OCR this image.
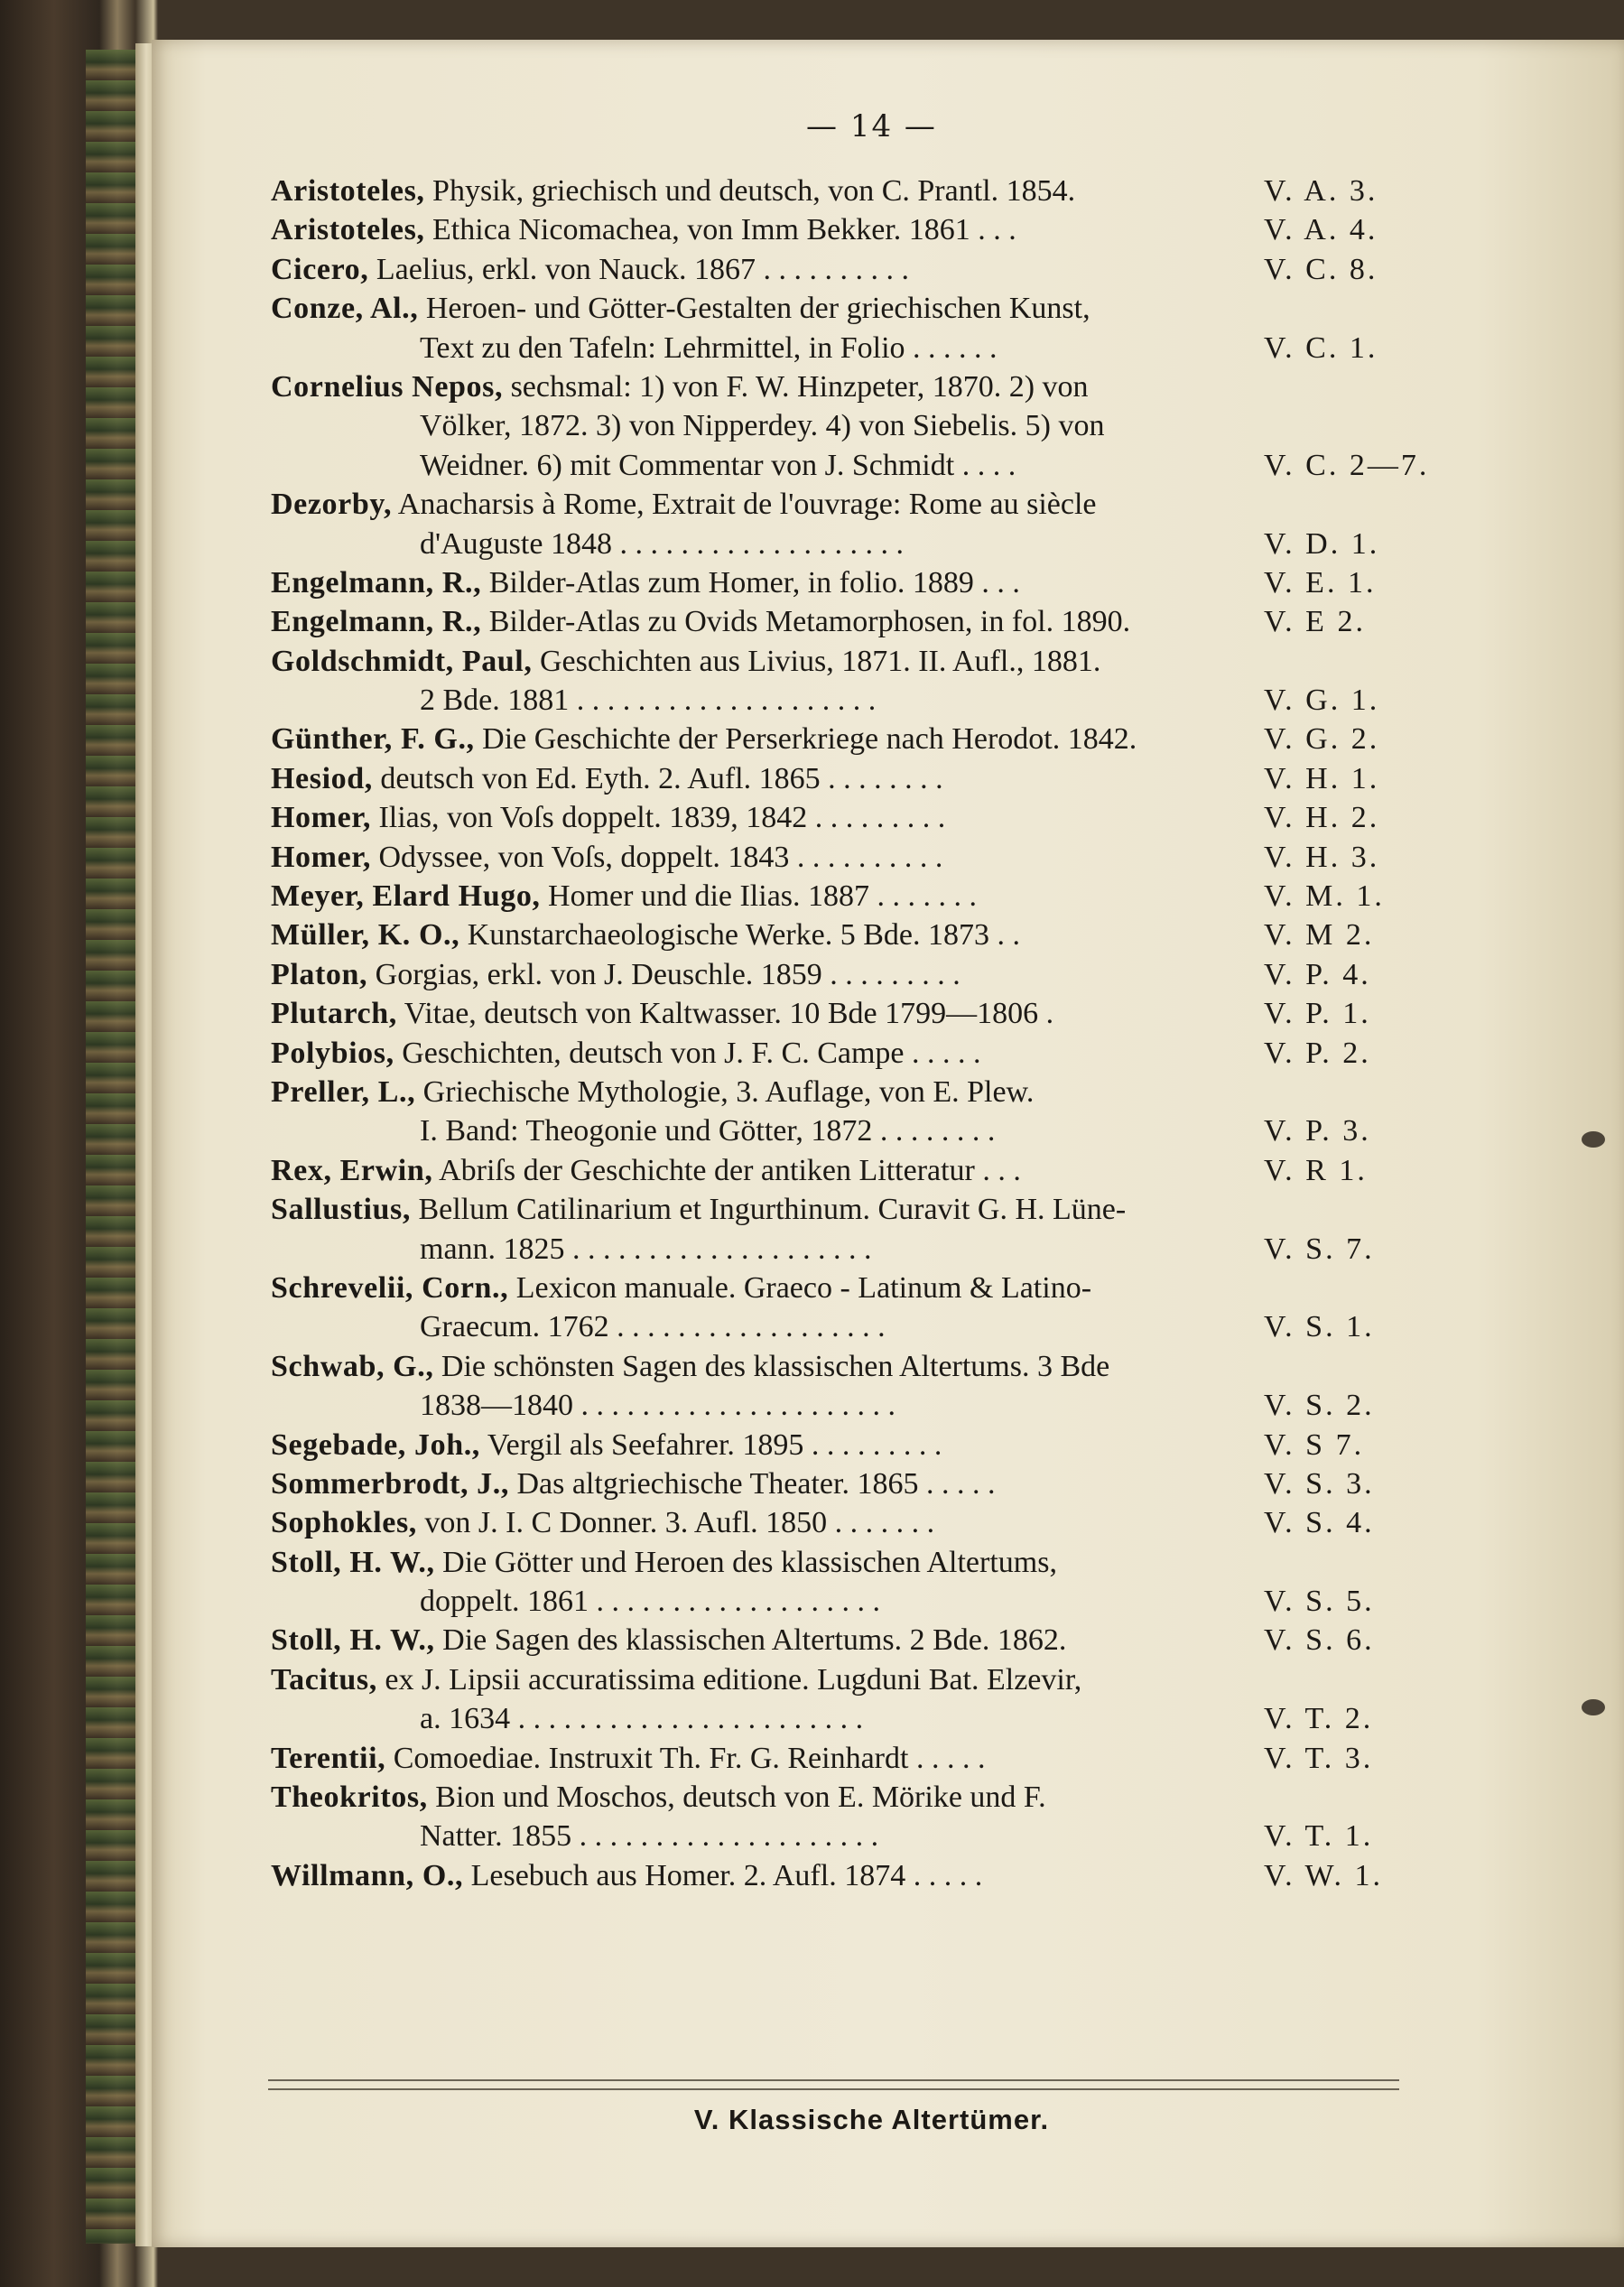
— 14 —
Aristoteles, Physik, griechisch und deutsch, von C. Prantl. 1854.	V. A. 3.
Aristoteles, Ethica Nicomachea, von Imm Bekker. 1861 . . .	V. A. 4.
Cicero, Laelius, erkl. von Nauck. 1867 . . . . . . . . . .	V. C. 8.
Conze, Al., Heroen- und Götter-Gestalten der griechischen Kunst,
Text zu den Tafeln: Lehrmittel, in Folio . . . . . .	V. C. 1.
Cornelius Nepos, sechsmal: 1) von F. W. Hinzpeter, 1870. 2) von
Völker, 1872. 3) von Nipperdey. 4) von Siebelis. 5) von
Weidner. 6) mit Commentar von J. Schmidt . . . .	V. C. 2—7.
Dezorby, Anacharsis à Rome, Extrait de l'ouvrage: Rome au siècle
d'Auguste 1848 . . . . . . . . . . . . . . . . . . .	V. D. 1.
Engelmann, R., Bilder-Atlas zum Homer, in folio. 1889 . . .	V. E. 1.
Engelmann, R., Bilder-Atlas zu Ovids Metamorphosen, in fol. 1890.	V. E 2.
Goldschmidt, Paul, Geschichten aus Livius, 1871. II. Aufl., 1881.
2 Bde. 1881 . . . . . . . . . . . . . . . . . . . .	V. G. 1.
Günther, F. G., Die Geschichte der Perserkriege nach Herodot. 1842.	V. G. 2.
Hesiod, deutsch von Ed. Eyth. 2. Aufl. 1865 . . . . . . . .	V. H. 1.
Homer, Ilias, von Voſs doppelt. 1839, 1842 . . . . . . . . .	V. H. 2.
Homer, Odyssee, von Voſs, doppelt. 1843 . . . . . . . . . .	V. H. 3.
Meyer, Elard Hugo, Homer und die Ilias. 1887 . . . . . . .	V. M. 1.
Müller, K. O., Kunstarchaeologische Werke. 5 Bde. 1873 . .	V. M 2.
Platon, Gorgias, erkl. von J. Deuschle. 1859 . . . . . . . . .	V. P. 4.
Plutarch, Vitae, deutsch von Kaltwasser. 10 Bde 1799—1806 .	V. P. 1.
Polybios, Geschichten, deutsch von J. F. C. Campe . . . . .	V. P. 2.
Preller, L., Griechische Mythologie, 3. Auflage, von E. Plew.
I. Band: Theogonie und Götter, 1872 . . . . . . . .	V. P. 3.
Rex, Erwin, Abriſs der Geschichte der antiken Litteratur . . .	V. R 1.
Sallustius, Bellum Catilinarium et Ingurthinum. Curavit G. H. Lüne-
mann. 1825 . . . . . . . . . . . . . . . . . . . .	V. S. 7.
Schrevelii, Corn., Lexicon manuale. Graeco - Latinum & Latino-
Graecum. 1762 . . . . . . . . . . . . . . . . . .	V. S. 1.
Schwab, G., Die schönsten Sagen des klassischen Altertums. 3 Bde
1838—1840 . . . . . . . . . . . . . . . . . . . . .	V. S. 2.
Segebade, Joh., Vergil als Seefahrer. 1895 . . . . . . . . .	V. S 7.
Sommerbrodt, J., Das altgriechische Theater. 1865 . . . . .	V. S. 3.
Sophokles, von J. I. C Donner. 3. Aufl. 1850 . . . . . . .	V. S. 4.
Stoll, H. W., Die Götter und Heroen des klassischen Altertums,
doppelt. 1861 . . . . . . . . . . . . . . . . . . .	V. S. 5.
Stoll, H. W., Die Sagen des klassischen Altertums. 2 Bde. 1862.	V. S. 6.
Tacitus, ex J. Lipsii accuratissima editione. Lugduni Bat. Elzevir,
a. 1634 . . . . . . . . . . . . . . . . . . . . . . .	V. T. 2.
Terentii, Comoediae. Instruxit Th. Fr. G. Reinhardt . . . . .	V. T. 3.
Theokritos, Bion und Moschos, deutsch von E. Mörike und F.
Natter. 1855 . . . . . . . . . . . . . . . . . . . .	V. T. 1.
Willmann, O., Lesebuch aus Homer. 2. Aufl. 1874 . . . . .	V. W. 1.
V. Klassische Altertümer.
